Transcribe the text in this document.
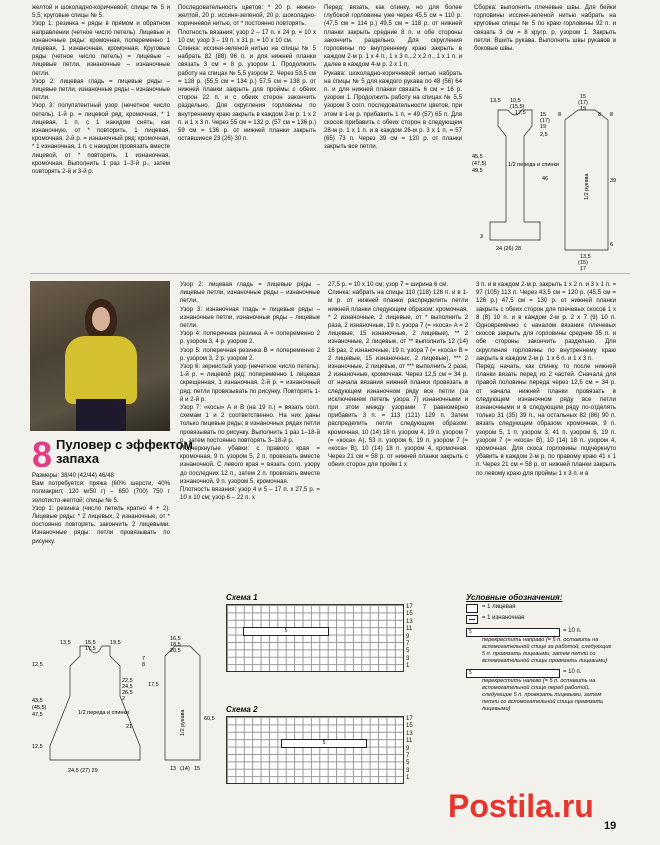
желтой и шоколадно-коричневой; спицы № 5 и 5,5; круговые спицы № 5.

Узор 1: резинка = ряды в прямом и обратном направлении (четное число петель). Лицевые и изнаночные ряды: кромочная, попеременно 1 лицевая, 1 изнаночная, кромочная. Круговые ряды (четное число петель) = лицевые – лицевые петли, изнаночные – изнаночные петли.

Узор 2: лицевая гладь = лицевые ряды – лицевые петли, изнаночные ряды – изнаночные петли.

Узор 3: полупатентный узор (нечетное число петель). 1-й р. = лицевой ряд: кромочная, * 1 лицевая, 1 п. с 1 накидом снять, как изнаночную, от * повторить, 1 лицевая, кромочная. 2-й р. = изнаночный ряд: кромочная, * 1 изнаночная, 1 п. с накидом провязать вместе лицевой, от * повторить, 1 изнаночная, кромочная. Выполнить 1 раз 1–3-й р., затем повторять 2-й и 3-й р.

Последовательность цветов: * 20 р. нежно-желтой, 20 р. иссиня-зеленой, 20 р. шоколадно-коричневой нитью, от * постоянно повторять.

Плотность вязания: узор 2 – 17 п. x 24 р. = 10 x 10 см; узор 3 – 19 п. x 31 р. = 10 x 10 см.

Спинка: иссиня-зеленой нитью на спицы № 5 набрать 82 (88) 96 п. и для нижней планки связать 3 см = 8 р. узором 1. Продолжить работу на спицах № 5,5 узором 2. Через 53,5 см = 128 р. (55,5 см = 134 р.) 57,5 см = 138 р. от нижней планки закрыть для проймы с обеих сторон 22 п. и с обеих сторон закончить раздельно. Для скругления горловины по внутреннему краю закрыть в каждом 2-м р. 1 x 2 п. и 1 x 3 п. Через 55 см = 132 р. (57 см = 136 р.) 59 см = 136 р. от нижней планки закрыть оставшиеся 23 (26) 30 п.

Перед: вязать, как спинку, но для более глубокой горловины уже через 45,5 см = 110 р. (47,5 см = 114 р.) 49,5 см = 118 р. от нижней планки закрыть средние 8 п. и обе стороны закончить раздельно. Для скругления горловины по внутреннему краю закрыть в каждом 2-м р. 1 x 4 п., 1 x 3 п., 2 x 2 п., 1 x 1 п. и далее в каждом 4-м р. 2 x 1 п.

Рукава: шоколадно-коричневой нитью набрать на спицы № 5 для каждого рукава по 48 (56) 64 п. и для нижней планки связать 6 см = 16 р. узором 1. Продолжить работу на спицах № 5,5 узором 3 согл. последовательности цветов, при этом в 1-м р. прибавить 1 п. = 49 (57) 65 п. Для скосов прибавить с обеих сторон в следующем 28-м р. 1 x 1 п. и в каждом 26-м р. 3 x 1 п. = 57 (65) 73 п. Через 39 см = 120 р. от планки закрыть все петли.

Сборка: выполнить плечевые швы. Для бейки горловины иссиня-зеленой нитью набрать на круговые спицы № 5 по краю горловины 92 п. и связать 3 см = 8 кругр. р. узором 1. Закрыть петли. Вшить рукава. Выполнить швы рукавов и боковые швы.

13,5 10,5
(15,5)
17,5
45,5
(47,5)
49,5
3
15
(17)
19
2,5
46
1/2 переда и спинки
24 (26) 28
15
(17)
19
8	8 8
39
6
1/2 рукава
13,5
(15)
17
8 Пуловер с эффектом
запаха

Размеры: 38/40 (42/44) 46/48

Вам потребуется: пряжа (60% шерсти, 40% полиакрил; 120 м/50 г) – 650 (700) 750 г золотисто-желтой; спицы № 5.

Узор 1: резинка (число петель кратно 4 + 2). Лицевые ряды: * 2 лицевых, 2 изнаночные, от * постоянно повторять, закончить 2 лицевыми. Изнаночные ряды: петли провязывать по рисунку.

Узор 2: лицевая гладь = лицевые ряды – лицевые петли, изнаночные ряды – изнаночные петли.

Узор 3: изнаночная гладь = лицевые ряды – изнаночные петли, изнаночные ряды – лицевые петли.

Узор 4: поперечная резинка A = попеременно 2 р. узором 3, 4 р. узором 2.

Узор 5: поперечная резинка B = попеременно 2 р. узором 3, 2 р. узором 2.

Узор 6: зернистый узор (нечетное число петель). 1-й р. = лицевой ряд: попеременно 1 лицевая скрещенная, 1 изнаночная. 2-й р. = изнаночный ряд: петли провязывать по рисунку. Повторять 1-й и 2-й р.

Узор 7: «косы» A и B (на 19 п.) = вязать согл. схемам 1 и 2 соответственно. На них даны только лицевые ряды; в изнаночных рядах петли провязывать по рисунку. Выполнить 1 раз 1–18-й р., затем постоянно повторять 3–18-й р.

Подчеркнутые убавки: с правого края = кромочная, 9 п. узором 5, 2 п. провязать вместе изнаночной. С левого края = вязать согл. узору до последних 12 п., затем 2 п. провязать вместе изнаночной, 9 п. узором 5, кромочная.

Плотность вязания: узор 4 и 5 – 17 п. x 27,5 р. = 10 x 10 см; узор 6 – 22 п. x

27,5 р. = 10 x 10 см; узор 7 = ширина 6 см.

Спинка: набрать на спицы 110 (118) 126 п. и в 1-м р. от нижней планки распределить петли нижней планки следующим образом: кромочная, * 2 изначочные, 2 лицевые, от * выполнить 2 раза, 2 изнаночные, 19 п. узора 7 (= «коса» A = 2 лицевые, 15 изнаночные, 2 лицевые), ** 2 изнаночные, 2 лицевые, от ** выполнить 12 (14) 16 раз, 2 изнаночные, 19 п. узора 7 (= «коса» B = 2 лицевые, 15 изнаночных, 2 лицевые), *** 2 изнаночные, 2 лицевые, от *** выполнить 2 раза, 2 изнаночные, кромочная. Через 12,5 см = 34 р. от начала вязания нижней планки провязать в следующем изнаночном ряду все петли (за исключением петель узора 7) изнаночными и при этом между узорами 7 равномерно прибавить 3 п. = 113 (121) 129 п. Затем распределить петли следующим образом: кромочная, 10 (14) 18 п. узором 4, 19 п. узором 7 (= «коса» A), 53 п. узором 6, 19 п. узором 7 (= «коса» B), 10 (14) 18 п. узором 4, кромочная. Через 21 см = 58 р. от нижней планки закрыть с обеих сторон для пройм 1 x

3 п. и в каждом 2-м р. закрыть 1 x 2 п. и 3 x 1 п. = 97 (105) 113 п. Через 43,5 см = 120 р. (45,5 см = 126 р.) 47,5 см = 130 р. от нижней планки закрыть с обеих сторон для плечевых скосов 1 x 8 (8) 10 п. и в каждом 2-м р. 2 x 7 (9) 10 п. Одновременно с началом вязания плечевых скосов закрыть для горловины средние 35 п. и обе стороны закончить раздельно. Для скругления горловины по внутреннему краю закрыть в каждом 2-м р. 1 x 6 п. и 1 x 3 п.

Перед: начать, как спинку, то после нижней планки вязать перед из 2 частей. Сначала для правой половины переда через 12,5 см = 34 р. от начала нижней планки провязать в следующем изнаночном ряду все петли изнаночными и в следующем ряду по-отделять только 31 (35) 39 п., на остальных 82 (86) 90 п. вязать следующим образом: кромочная, 9 п. узором 5, 1 п. узором 3, 41 п. узором 6, 19 п. узором 7 (= «коса» B), 10 (14) 18 п. узором 4, кромочная. Для скоса горловины подчеркнуто убавить в каждом 2-м р. по правому краю 41 x 1 п. Через 21 см = 58 р. от нижней планки закрыть по левому краю для проймы 1 x 3 п. и в

13,5	15,5
17,5
19,5
12,5
43,5
(45,5)
47,5
12,5
22,5
24,5
26,5
2
21
7
8
1/2 переда и спинки
24,5 (27) 29
16,5
18,5
20,5
17,5
60,5
1/2 рукава
13 (14) 15
Схема 1
5
17
15
13
11
9
7
5
3
1
Схема 2
5
17
15
13
11
9
7
5
3
1
Условные обозначения:
= 1 лицевая
= 1 изнаночная
5	= 10 п.
перекрестить направо (= 5 п. оставить на вспомогательной спице за работой, следующие 5 п. провязать лицевыми, затем петли со вспомогательной спицы провязать лицевыми)
5	= 10 п.
перекрестить налево (= 5 п. оставить на вспомогательной спице перед работой, следующие 5 п. провязать лицевыми, затем петли со вспомогательной спицы провязать лицевыми)
Postila.ru
19
